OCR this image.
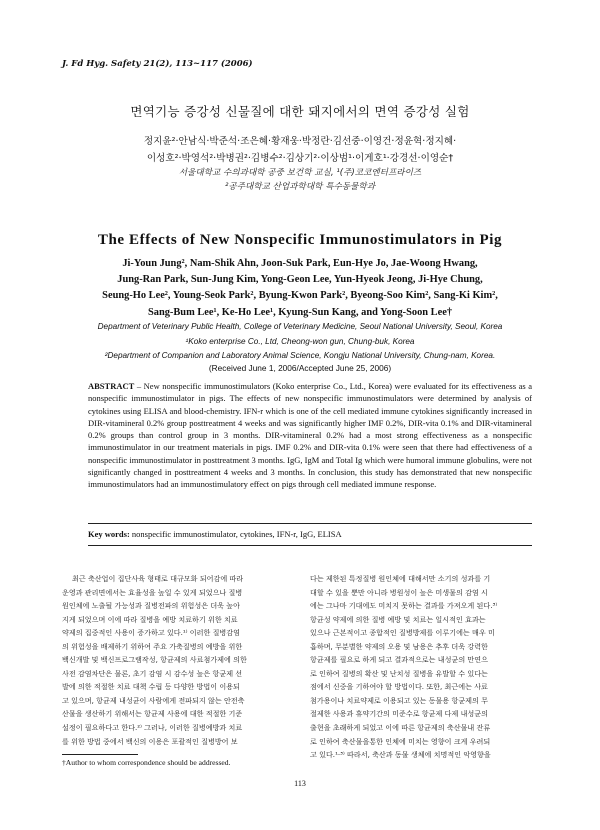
J. Fd Hyg. Safety 21(2), 113~117 (2006)
면역기능 증강성 신물질에 대한 돼지에서의 면역 증강성 실험
정지윤²·안남식·박준석·조은혜·황재웅·박정란·김선중·이영건·정윤혁·정지혜·
이성호²·박영석²·박병권²·김병수²·김상기²·이상범¹·이게호¹·강경선·이영순†
서울대학교 수의과대학 공중 보건학 교실, ¹(주)코코엔터프라이즈
²공주대학교 산업과학대학 특수동물학과
The Effects of New Nonspecific Immunostimulators in Pig
Ji-Youn Jung², Nam-Shik Ahn, Joon-Suk Park, Eun-Hye Jo, Jae-Woong Hwang,
Jung-Ran Park, Sun-Jung Kim, Yong-Geon Lee, Yun-Hyeok Jeong, Ji-Hye Chung,
Seung-Ho Lee², Young-Seok Park², Byung-Kwon Park², Byeong-Soo Kim², Sang-Ki Kim²,
Sang-Bum Lee¹, Ke-Ho Lee¹, Kyung-Sun Kang, and Yong-Soon Lee†
Department of Veterinary Public Health, College of Veterinary Medicine, Seoul National University, Seoul, Korea
¹Koko enterprise Co., Ltd, Cheong-won gun, Chung-buk, Korea
²Department of Companion and Laboratory Animal Science, Kongju National University, Chung-nam, Korea.
(Received June 1, 2006/Accepted June 25, 2006)
ABSTRACT – New nonspecific immunostimulators (Koko enterprise Co., Ltd., Korea) were evaluated for its effectiveness as a nonspecific immunostimulator in pigs. The effects of new nonspecific immunostimulators were determined by analysis of cytokines using ELISA and blood-chemistry. IFN-r which is one of the cell mediated immune cytokines significantly increased in DIR-vitamineral 0.2% group posttreatment 4 weeks and was significantly higher IMF 0.2%, DIR-vita 0.1% and DIR-vitamineral 0.2% groups than control group in 3 months. DIR-vitamineral 0.2% had a most strong effectiveness as a nonspecific immunostimulator in our treatment materials in pigs. IMF 0.2% and DIR-vita 0.1% were seen that there had effectiveness of a nonspecific immunostimulator in posttreatment 3 months. IgG, IgM and Total Ig which were humoral immune globulins, were not significantly changed in posttreatment 4 weeks and 3 months. In conclusion, this study has demonstrated that new nonspecific immunostimulators had an immunostimulatory effect on pigs through cell mediated immune response.
Key words: nonspecific immunostimulator, cytokines, IFN-r, IgG, ELISA
최근 축산업이 집단사육 형태로 대규모화 되어감에 따라
운영과 관리면에서는 효율성을 높일 수 있게 되었으나 질병
원인체에 노출될 가능성과 질병전파의 위험성은 더욱 높아
지게 되었으며 이에 따라 질병을 예방 치료하기 위한 치료
약제의 집중적인 사용이 증가하고 있다.¹⁾ 이러한 질병감염
의 위험성을 배제하기 위하여 주요 가축질병의 예방을 위한
백신개발 및 백신프로그램작성, 항균제의 사료첨가제에 의한
사전 감염차단은 물론, 초기 감염 시 감수성 높은 항균제 선
발에 의한 적절한 치료 대책 수립 등 다양한 방법이 이용되
고 있으며, 항균제 내성균이 사람에게 전파되지 않는 안전축
산물을 생산하기 위해서는 항균제 사용에 대한 적절한 기준
설정이 필요하다고 한다.²⁾ 그러나, 이러한 질병예방과 치료
를 위한 방법 중에서 백신의 이용은 포괄적인 질병방어 보
다는 제한된 특정질병 원인체에 대해서만 소기의 성과를 기
대할 수 있을 뿐만 아니라 병원성이 높은 미생물의 감염 시
에는 그나마 기대에도 미치지 못하는 결과를 가져오게 된다.³⁾
항균성 약제에 의한 질병 예방 및 치료는 일시적인 효과는
있으나 근본적이고 종합적인 질병방제를 이루기에는 매우 미
흡하며, 무분별한 약제의 오용 및 남용은 추후 더욱 강력한
항균제를 필요로 하게 되고 결과적으로는 내성균의 만연으
로 인하여 질병의 확산 및 난치성 질병을 유발할 수 있다는
점에서 신중을 기하여야 할 방법이다. 또한, 최근에는 사료
첨가용이나 치료약제로 이용되고 있는 동물용 항균제의 무
절제한 사용과 휴약기간의 미준수로 항균제 다제 내성균의
출현을 초래하게 되었고 이에 따른 항균제의 축산물내 잔류
로 인하여 축산물을통한 인체에 미치는 영향이 크게 우려되
고 있다.¹·³⁾ 따라서, 축산과 동물 생체에 치명적인 악영향을
†Author to whom correspondence should be addressed.
113
